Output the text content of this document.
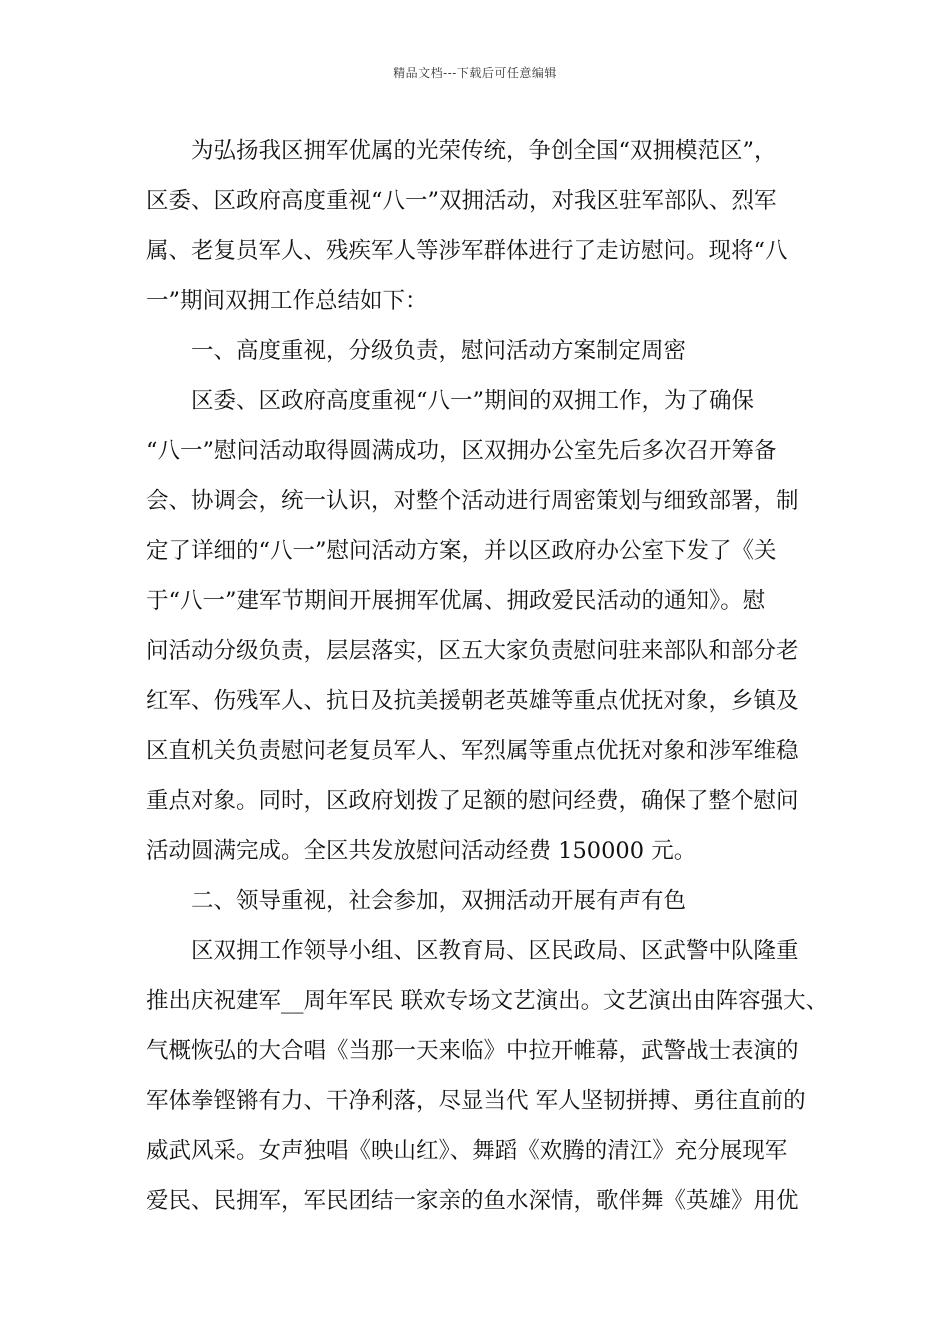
精品文档---下载后可任意编辑
　　为弘扬我区拥军优属的光荣传统，争创全国“双拥模范区”，
区委、区政府高度重视“八一”双拥活动，对我区驻军部队、烈军
属、老复员军人、残疾军人等涉军群体进行了走访慰问。现将“八
一”期间双拥工作总结如下：
　　一、高度重视，分级负责，慰问活动方案制定周密
　　区委、区政府高度重视“八一”期间的双拥工作，为了确保
“八一”慰问活动取得圆满成功，区双拥办公室先后多次召开筹备
会、协调会，统一认识，对整个活动进行周密策划与细致部署，制
定了详细的“八一”慰问活动方案，并以区政府办公室下发了《关
于“八一”建军节期间开展拥军优属、拥政爱民活动的通知》。慰
问活动分级负责，层层落实，区五大家负责慰问驻来部队和部分老
红军、伤残军人、抗日及抗美援朝老英雄等重点优抚对象，乡镇及
区直机关负责慰问老复员军人、军烈属等重点优抚对象和涉军维稳
重点对象。同时，区政府划拨了足额的慰问经费，确保了整个慰问
活动圆满完成。全区共发放慰问活动经费 150000 元。
　　二、领导重视，社会参加，双拥活动开展有声有色
　　区双拥工作领导小组、区教育局、区民政局、区武警中队隆重
推出庆祝建军__周年军民 联欢专场文艺演出。文艺演出由阵容强大、
气概恢弘的大合唱《当那一天来临》中拉开帷幕，武警战士表演的
军体拳铿锵有力、干净利落，尽显当代 军人坚韧拼搏、勇往直前的
威武风采。女声独唱《映山红》、舞蹈《欢腾的清江》充分展现军
爱民、民拥军，军民团结一家亲的鱼水深情，歌伴舞《英雄》用优
